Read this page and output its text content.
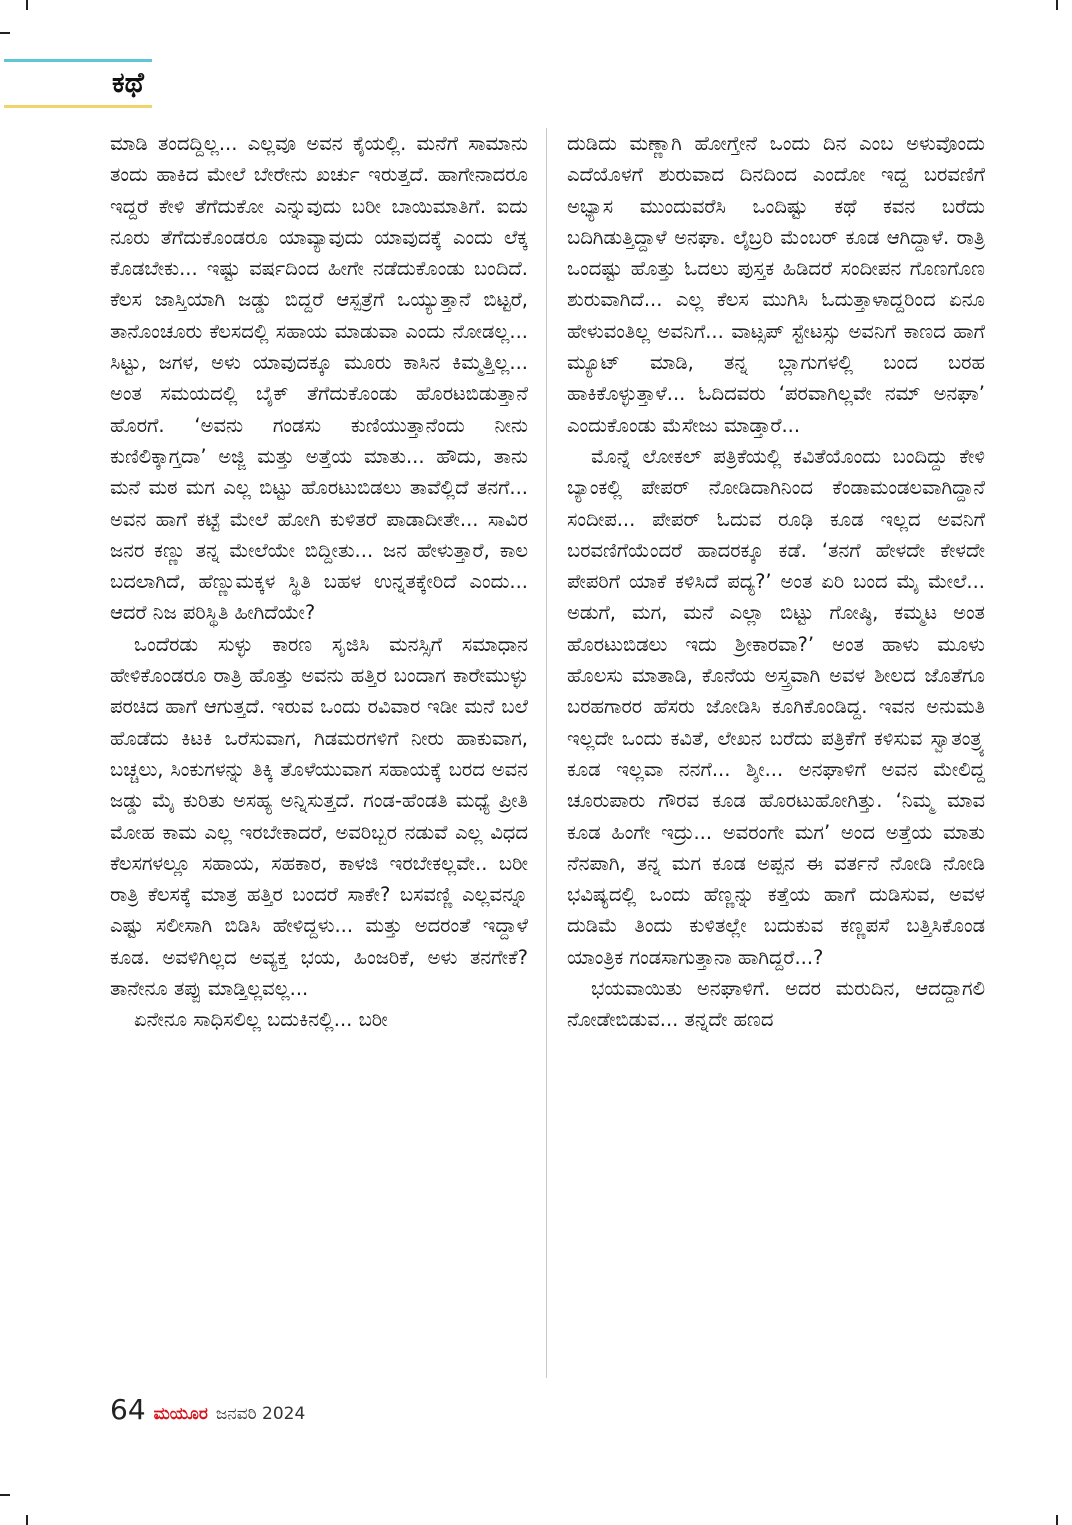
ಕಥೆ

ಮಾಡಿ ತಂದದ್ದಿಲ್ಲ... ಎಲ್ಲವೂ ಅವನ ಕೈಯಲ್ಲಿ. ಮನೆಗೆ ಸಾಮಾನು ತಂದು ಹಾಕಿದ ಮೇಲೆ ಬೇರೇನು ಖರ್ಚು ಇರುತ್ತದೆ. ಹಾಗೇನಾದರೂ ಇದ್ದರೆ ಕೇಳಿ ತೆಗೆದುಕೋ ಎನ್ನುವುದು ಬರೀ ಬಾಯಿಮಾತಿಗೆ. ಐದು ನೂರು ತೆಗೆದುಕೊಂಡರೂ ಯಾವ್ಯಾವುದು ಯಾವುದಕ್ಕೆ ಎಂದು ಲೆಕ್ಕ ಕೊಡಬೇಕು... ಇಷ್ಟು ವರ್ಷದಿಂದ ಹೀಗೇ ನಡೆದುಕೊಂಡು ಬಂದಿದೆ. ಕೆಲಸ ಜಾಸ್ತಿಯಾಗಿ ಜಡ್ಡು ಬಿದ್ದರೆ ಆಸ್ಪತ್ರೆಗೆ ಒಯ್ಯುತ್ತಾನೆ ಬಿಟ್ಟರೆ, ತಾನೊಂಚೂರು ಕೆಲಸದಲ್ಲಿ ಸಹಾಯ ಮಾಡುವಾ ಎಂದು ನೋಡಲ್ಲ... ಸಿಟ್ಟು, ಜಗಳ, ಅಳು ಯಾವುದಕ್ಕೂ ಮೂರು ಕಾಸಿನ ಕಿಮ್ಮತ್ತಿಲ್ಲ... ಅಂತ ಸಮಯದಲ್ಲಿ ಬೈಕ್ ತೆಗೆದುಕೊಂಡು ಹೊರಟಬಿಡುತ್ತಾನೆ ಹೊರಗೆ. ‘ಅವನು ಗಂಡಸು ಕುಣಿಯುತ್ತಾನೆಂದು ನೀನು ಕುಣಿಲಿಕ್ಕಾಗ್ತದಾ’ ಅಜ್ಜಿ ಮತ್ತು ಅತ್ತೆಯ ಮಾತು... ಹೌದು, ತಾನು ಮನೆ ಮಠ ಮಗ ಎಲ್ಲ ಬಿಟ್ಟು ಹೊರಟುಬಿಡಲು ತಾವೆಲ್ಲಿದೆ ತನಗೆ... ಅವನ ಹಾಗೆ ಕಟ್ಟೆ ಮೇಲೆ ಹೋಗಿ ಕುಳಿತರೆ ಪಾಡಾದೀತೇ... ಸಾವಿರ ಜನರ ಕಣ್ಣು ತನ್ನ ಮೇಲೆಯೇ ಬಿದ್ದೀತು... ಜನ ಹೇಳುತ್ತಾರೆ, ಕಾಲ ಬದಲಾಗಿದೆ, ಹೆಣ್ಣುಮಕ್ಕಳ ಸ್ಥಿತಿ ಬಹಳ ಉನ್ನತಕ್ಕೇರಿದೆ ಎಂದು... ಆದರೆ ನಿಜ ಪರಿಸ್ಥಿತಿ ಹೀಗಿದೆಯೇ?

ಒಂದೆರಡು ಸುಳ್ಳು ಕಾರಣ ಸೃಜಿಸಿ ಮನಸ್ಸಿಗೆ ಸಮಾಧಾನ ಹೇಳಿಕೊಂಡರೂ ರಾತ್ರಿ ಹೊತ್ತು ಅವನು ಹತ್ತಿರ ಬಂದಾಗ ಕಾರೇಮುಳ್ಳು ಪರಚಿದ ಹಾಗೆ ಆಗುತ್ತದೆ. ಇರುವ ಒಂದು ರವಿವಾರ ಇಡೀ ಮನೆ ಬಲೆ ಹೊಡೆದು ಕಿಟಕಿ ಒರೆಸುವಾಗ, ಗಿಡಮರಗಳಿಗೆ ನೀರು ಹಾಕುವಾಗ, ಬಚ್ಚಲು, ಸಿಂಕುಗಳನ್ನು ತಿಕ್ಕಿ ತೊಳೆಯುವಾಗ ಸಹಾಯಕ್ಕೆ ಬರದ ಅವನ ಜಡ್ಡು ಮೈ ಕುರಿತು ಅಸಹ್ಯ ಅನ್ನಿಸುತ್ತದೆ. ಗಂಡ-ಹೆಂಡತಿ ಮಧ್ಯೆ ಪ್ರೀತಿ ಮೋಹ ಕಾಮ ಎಲ್ಲ ಇರಬೇಕಾದರೆ, ಅವರಿಬ್ಬರ ನಡುವೆ ಎಲ್ಲ ವಿಧದ ಕೆಲಸಗಳಲ್ಲೂ ಸಹಾಯ, ಸಹಕಾರ, ಕಾಳಜಿ ಇರಬೇಕಲ್ಲವೇ.. ಬರೀ ರಾತ್ರಿ ಕೆಲಸಕ್ಕೆ ಮಾತ್ರ ಹತ್ತಿರ ಬಂದರೆ ಸಾಕೇ? ಬಸವಣ್ಣಿ ಎಲ್ಲವನ್ನೂ ಎಷ್ಟು ಸಲೀಸಾಗಿ ಬಿಡಿಸಿ ಹೇಳಿದ್ದಳು... ಮತ್ತು ಅದರಂತೆ ಇದ್ದಾಳೆ ಕೂಡ. ಅವಳಿಗಿಲ್ಲದ ಅವ್ಯಕ್ತ ಭಯ, ಹಿಂಜರಿಕೆ, ಅಳು ತನಗೇಕೆ? ತಾನೇನೂ ತಪ್ಪು ಮಾಡ್ತಿಲ್ಲವಲ್ಲ...

ಏನೇನೂ ಸಾಧಿಸಲಿಲ್ಲ ಬದುಕಿನಲ್ಲಿ... ಬರೀ

ದುಡಿದು ಮಣ್ಣಾಗಿ ಹೋಗ್ತೇನೆ ಒಂದು ದಿನ ಎಂಬ ಅಳುವೊಂದು ಎದೆಯೊಳಗೆ ಶುರುವಾದ ದಿನದಿಂದ ಎಂದೋ ಇದ್ದ ಬರವಣಿಗೆ ಅಭ್ಯಾಸ ಮುಂದುವರೆಸಿ ಒಂದಿಷ್ಟು ಕಥೆ ಕವನ ಬರೆದು ಬದಿಗಿಡುತ್ತಿದ್ದಾಳೆ ಅನಘಾ. ಲೈಬ್ರರಿ ಮೆಂಬರ್ ಕೂಡ ಆಗಿದ್ದಾಳೆ. ರಾತ್ರಿ ಒಂದಷ್ಟು ಹೊತ್ತು ಓದಲು ಪುಸ್ತಕ ಹಿಡಿದರೆ ಸಂದೀಪನ ಗೊಣಗೊಣ ಶುರುವಾಗಿದೆ... ಎಲ್ಲ ಕೆಲಸ ಮುಗಿಸಿ ಓದುತ್ತಾಳಾದ್ದರಿಂದ ಏನೂ ಹೇಳುವಂತಿಲ್ಲ ಅವನಿಗೆ... ವಾಟ್ಸಪ್ ಸ್ಟೇಟಸ್ಸು ಅವನಿಗೆ ಕಾಣದ ಹಾಗೆ ಮ್ಯೂಟ್ ಮಾಡಿ, ತನ್ನ ಬ್ಲಾಗುಗಳಲ್ಲಿ ಬಂದ ಬರಹ ಹಾಕಿಕೊಳ್ಳುತ್ತಾಳೆ... ಓದಿದವರು ‘ಪರವಾಗಿಲ್ಲವೇ ನಮ್ ಅನಘಾ’ ಎಂದುಕೊಂಡು ಮೆಸೇಜು ಮಾಡ್ತಾರೆ...

ಮೊನ್ನೆ ಲೋಕಲ್ ಪತ್ರಿಕೆಯಲ್ಲಿ ಕವಿತೆಯೊಂದು ಬಂದಿದ್ದು ಕೇಳಿ ಬ್ಯಾಂಕಲ್ಲಿ ಪೇಪರ್ ನೋಡಿದಾಗಿನಿಂದ ಕೆಂಡಾಮಂಡಲವಾಗಿದ್ದಾನೆ ಸಂದೀಪ... ಪೇಪರ್ ಓದುವ ರೂಢಿ ಕೂಡ ಇಲ್ಲದ ಅವನಿಗೆ ಬರವಣಿಗೆಯೆಂದರೆ ಹಾದರಕ್ಕೂ ಕಡೆ. ‘ತನಗೆ ಹೇಳದೇ ಕೇಳದೇ ಪೇಪರಿಗೆ ಯಾಕೆ ಕಳಿಸಿದೆ ಪದ್ಯ?’ ಅಂತ ಏರಿ ಬಂದ ಮೈ ಮೇಲೆ... ಅಡುಗೆ, ಮಗ, ಮನೆ ಎಲ್ಲಾ ಬಿಟ್ಟು ಗೋಷ್ಠಿ, ಕಮ್ಮಟ ಅಂತ ಹೊರಟುಬಿಡಲು ಇದು ಶ್ರೀಕಾರವಾ?’ ಅಂತ ಹಾಳು ಮೂಳು ಹೊಲಸು ಮಾತಾಡಿ, ಕೊನೆಯ ಅಸ್ತ್ರವಾಗಿ ಅವಳ ಶೀಲದ ಜೊತೆಗೂ ಬರಹಗಾರರ ಹೆಸರು ಜೋಡಿಸಿ ಕೂಗಿಕೊಂಡಿದ್ದ. ಇವನ ಅನುಮತಿ ಇಲ್ಲದೇ ಒಂದು ಕವಿತೆ, ಲೇಖನ ಬರೆದು ಪತ್ರಿಕೆಗೆ ಕಳಿಸುವ ಸ್ವಾತಂತ್ರ್ಯ ಕೂಡ ಇಲ್ಲವಾ ನನಗೆ... ಶ್ಶೀ... ಅನಘಾಳಿಗೆ ಅವನ ಮೇಲಿದ್ದ ಚೂರುಪಾರು ಗೌರವ ಕೂಡ ಹೊರಟುಹೋಗಿತ್ತು. ‘ನಿಮ್ಮ ಮಾವ ಕೂಡ ಹಿಂಗೇ ಇದ್ರು... ಅವರಂಗೇ ಮಗ’ ಅಂದ ಅತ್ತೆಯ ಮಾತು ನೆನಪಾಗಿ, ತನ್ನ ಮಗ ಕೂಡ ಅಪ್ಪನ ಈ ವರ್ತನೆ ನೋಡಿ ನೋಡಿ ಭವಿಷ್ಯದಲ್ಲಿ ಒಂದು ಹೆಣ್ಣನ್ನು ಕತ್ತೆಯ ಹಾಗೆ ದುಡಿಸುವ, ಅವಳ ದುಡಿಮೆ ತಿಂದು ಕುಳಿತಲ್ಲೇ ಬದುಕುವ ಕಣ್ಣಪಸೆ ಬತ್ತಿಸಿಕೊಂಡ ಯಾಂತ್ರಿಕ ಗಂಡಸಾಗುತ್ತಾನಾ ಹಾಗಿದ್ದರೆ...?

ಭಯವಾಯಿತು ಅನಘಾಳಿಗೆ. ಅದರ ಮರುದಿನ, ಆದದ್ದಾಗಲಿ ನೋಡೇಬಿಡುವ... ತನ್ನದೇ ಹಣದ

64 ಮಯೂರ ಜನವರಿ 2024
